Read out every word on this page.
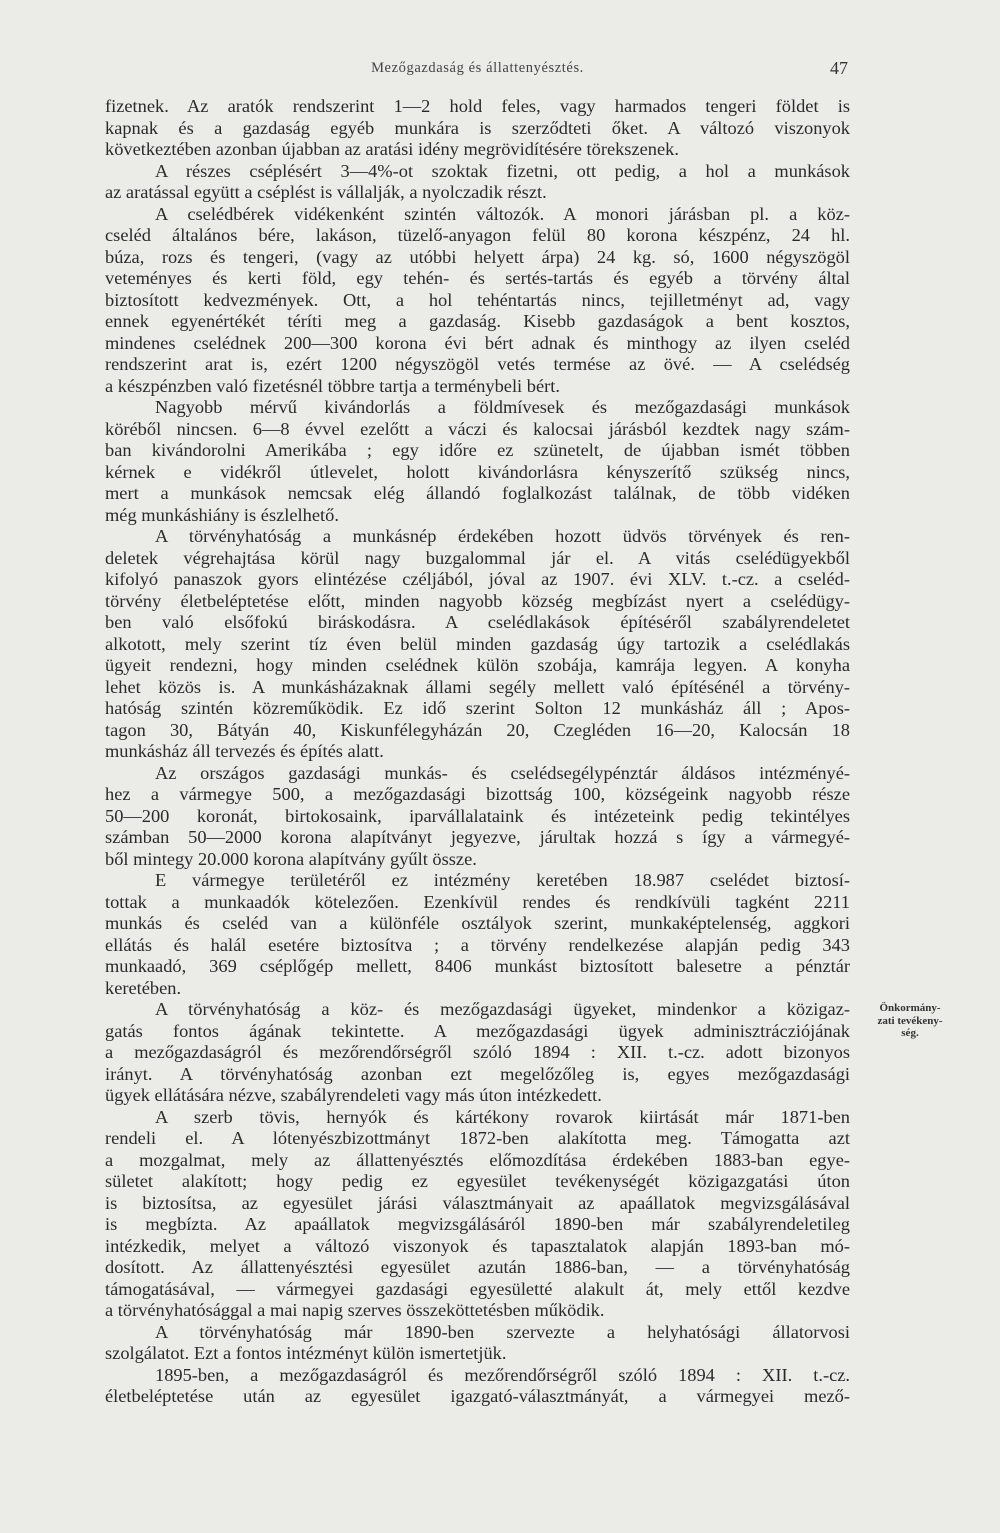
Mezőgazdaság és állattenyésztés.	47
fizetnek. Az aratók rendszerint 1—2 hold feles, vagy harmados tengeri földet is
kapnak és a gazdaság egyéb munkára is szerződteti őket. A változó viszonyok
következtében azonban újabban az aratási idény megrövidítésére törekszenek.
A részes cséplésért 3—4%-ot szoktak fizetni, ott pedig, a hol a munkások
az aratással együtt a cséplést is vállalják, a nyolczadik részt.
A cselédbérek vidékenként szintén változók. A monori járásban pl. a köz-
cseléd általános bére, lakáson, tüzelő-anyagon felül 80 korona készpénz, 24 hl.
búza, rozs és tengeri, (vagy az utóbbi helyett árpa) 24 kg. só, 1600 négyszögöl
veteményes és kerti föld, egy tehén- és sertés-tartás és egyéb a törvény által
biztosított kedvezmények. Ott, a hol tehéntartás nincs, tejilletményt ad, vagy
ennek egyenértékét téríti meg a gazdaság. Kisebb gazdaságok a bent kosztos,
mindenes cselédnek 200—300 korona évi bért adnak és minthogy az ilyen cseléd
rendszerint arat is, ezért 1200 négyszögöl vetés termése az övé. — A cselédség
a készpénzben való fizetésnél többre tartja a terménybeli bért.
Nagyobb mérvű kivándorlás a földmívesek és mezőgazdasági munkások
köréből nincsen. 6—8 évvel ezelőtt a váczi és kalocsai járásból kezdtek nagy szám-
ban kivándorolni Amerikába ; egy időre ez szünetelt, de újabban ismét többen
kérnek e vidékről útlevelet, holott kivándorlásra kényszerítő szükség nincs,
mert a munkások nemcsak elég állandó foglalkozást találnak, de több vidéken
még munkáshiány is észlelhető.
A törvényhatóság a munkásnép érdekében hozott üdvös törvények és ren-
deletek végrehajtása körül nagy buzgalommal jár el. A vitás cselédügyekből
kifolyó panaszok gyors elintézése czéljából, jóval az 1907. évi XLV. t.-cz. a cseléd-
törvény életbeléptetése előtt, minden nagyobb község megbízást nyert a cselédügy-
ben való elsőfokú biráskodásra. A cselédlakások építéséről szabályrendeletet
alkotott, mely szerint tíz éven belül minden gazdaság úgy tartozik a cselédlakás
ügyeit rendezni, hogy minden cselédnek külön szobája, kamrája legyen. A konyha
lehet közös is. A munkásházaknak állami segély mellett való építésénél a törvény-
hatóság szintén közreműködik. Ez idő szerint Solton 12 munkásház áll ; Apos-
tagon 30, Bátyán 40, Kiskunfélegyházán 20, Czegléden 16—20, Kalocsán 18
munkásház áll tervezés és építés alatt.
Az országos gazdasági munkás- és cselédsegélypénztár áldásos intézményé-
hez a vármegye 500, a mezőgazdasági bizottság 100, községeink nagyobb része
50—200 koronát, birtokosaink, iparvállalataink és intézeteink pedig tekintélyes
számban 50—2000 korona alapítványt jegyezve, járultak hozzá s így a vármegyé-
ből mintegy 20.000 korona alapítvány gyűlt össze.
E vármegye területéről ez intézmény keretében 18.987 cselédet biztosí-
tottak a munkaadók kötelezően. Ezenkívül rendes és rendkívüli tagként 2211
munkás és cseléd van a különféle osztályok szerint, munkaképtelenség, aggkori
ellátás és halál esetére biztosítva ; a törvény rendelkezése alapján pedig 343
munkaadó, 369 cséplőgép mellett, 8406 munkást biztosított balesetre a pénztár
keretében.
A törvényhatóság a köz- és mezőgazdasági ügyeket, mindenkor a közigaz-
gatás fontos ágának tekintette. A mezőgazdasági ügyek adminisztrácziójának
a mezőgazdaságról és mezőrendőrségről szóló 1894 : XII. t.-cz. adott bizonyos
irányt. A törvényhatóság azonban ezt megelőzőleg is, egyes mezőgazdasági
ügyek ellátására nézve, szabályrendeleti vagy más úton intézkedett.
A szerb tövis, hernyók és kártékony rovarok kiirtását már 1871-ben
rendeli el. A lótenyészbizottmányt 1872-ben alakította meg. Támogatta azt
a mozgalmat, mely az állattenyésztés előmozdítása érdekében 1883-ban egye-
sületet alakított; hogy pedig ez egyesület tevékenységét közigazgatási úton
is biztosítsa, az egyesület járási választmányait az apaállatok megvizsgálásával
is megbízta. Az apaállatok megvizsgálásáról 1890-ben már szabályrendeletileg
intézkedik, melyet a változó viszonyok és tapasztalatok alapján 1893-ban mó-
dosított. Az állattenyésztési egyesület azután 1886-ban, — a törvényhatóság
támogatásával, — vármegyei gazdasági egyesületté alakult át, mely ettől kezdve
a törvényhatósággal a mai napig szerves összeköttetésben működik.
A törvényhatóság már 1890-ben szervezte a helyhatósági állatorvosi
szolgálatot. Ezt a fontos intézményt külön ismertetjük.
1895-ben, a mezőgazdaságról és mezőrendőrségről szóló 1894 : XII. t.-cz.
életbeléptetése után az egyesület igazgató-választmányát, a vármegyei mező-
Önkormány-
zati tevékeny-
ség.
